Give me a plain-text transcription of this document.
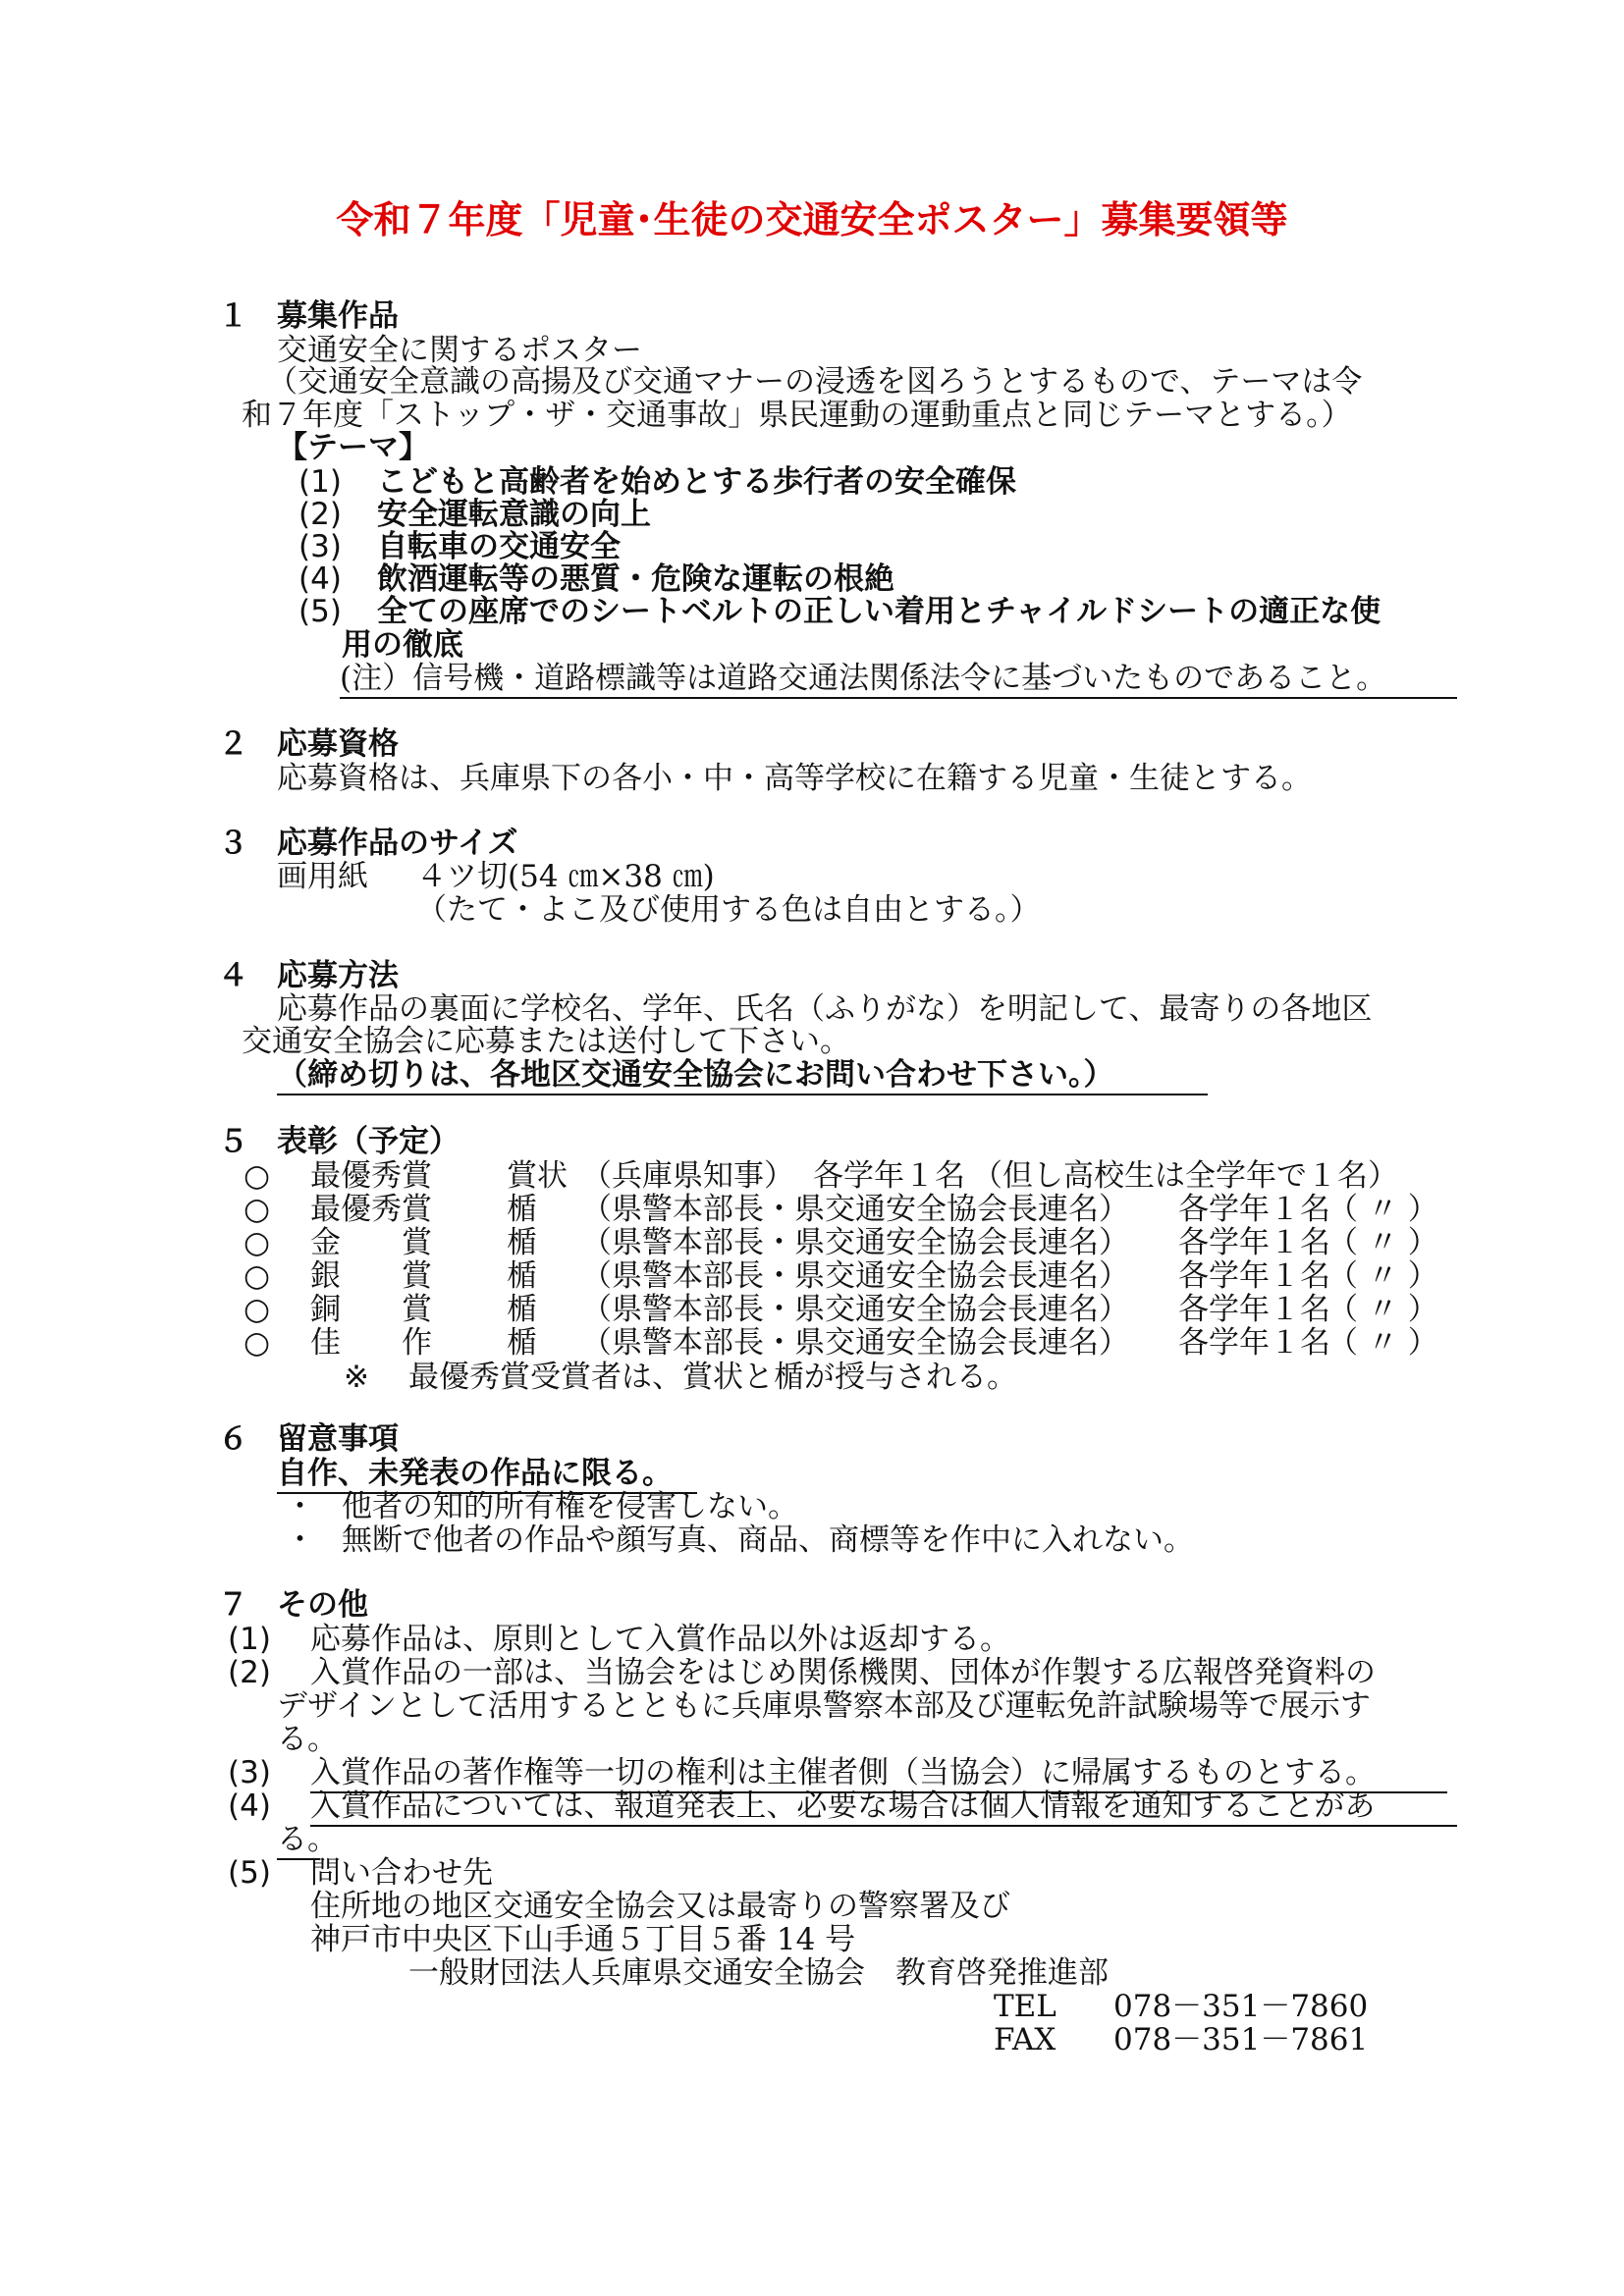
令和７年度「児童･生徒の交通安全ポスター」募集要領等
１ 募集作品
交通安全に関するポスター
（交通安全意識の高揚及び交通マナーの浸透を図ろうとするもので、テーマは令
和７年度「ストップ・ザ・交通事故」県民運動の運動重点と同じテーマとする。）
【テーマ】
(1) こどもと高齢者を始めとする歩行者の安全確保
(2) 安全運転意識の向上
(3) 自転車の交通安全
(4) 飲酒運転等の悪質・危険な運転の根絶
(5) 全ての座席でのシートベルトの正しい着用とチャイルドシートの適正な使
用の徹底
(注）信号機・道路標識等は道路交通法関係法令に基づいたものであること。
２ 応募資格
応募資格は、兵庫県下の各小・中・高等学校に在籍する児童・生徒とする。
３ 応募作品のサイズ
画用紙 ４ツ切(54 ㎝×38 ㎝)
（たて・よこ及び使用する色は自由とする。）
４ 応募方法
応募作品の裏面に学校名、学年、氏名（ふりがな）を明記して、最寄りの各地区
交通安全協会に応募または送付して下さい。
（締め切りは、各地区交通安全協会にお問い合わせ下さい。）
５ 表彰（予定）
○ 最優秀賞 賞状 （兵庫県知事） 各学年１名 （但し高校生は全学年で１名）
○ 最優秀賞 楯 （県警本部長・県交通安全協会長連名） 各学年１名
（ 〃 ）
○ 金　　賞 楯 （県警本部長・県交通安全協会長連名） 各学年１名
（ 〃 ）
○ 銀　　賞 楯 （県警本部長・県交通安全協会長連名） 各学年１名
（ 〃 ）
○ 銅　　賞 楯 （県警本部長・県交通安全協会長連名） 各学年１名
（ 〃 ）
○ 佳　　作 楯 （県警本部長・県交通安全協会長連名） 各学年１名
（ 〃 ）
※ 最優秀賞受賞者は、賞状と楯が授与される。
６ 留意事項
自作、未発表の作品に限る。
・ 他者の知的所有権を侵害しない。
・ 無断で他者の作品や顔写真、商品、商標等を作中に入れない。
７ その他
(1) 応募作品は、原則として入賞作品以外は返却する。
(2) 入賞作品の一部は、当協会をはじめ関係機関、団体が作製する広報啓発資料の
デザインとして活用するとともに兵庫県警察本部及び運転免許試験場等で展示す
る。
(3) 入賞作品の著作権等一切の権利は主催者側（当協会）に帰属するものとする。
(4) 入賞作品については、報道発表上、必要な場合は個人情報を通知することがあ
る。
(5) 問い合わせ先
住所地の地区交通安全協会又は最寄りの警察署及び
神戸市中央区下山手通５丁目５番 14 号
一般財団法人兵庫県交通安全協会 教育啓発推進部
TEL 078－351－7860
FAX 078－351－7861
